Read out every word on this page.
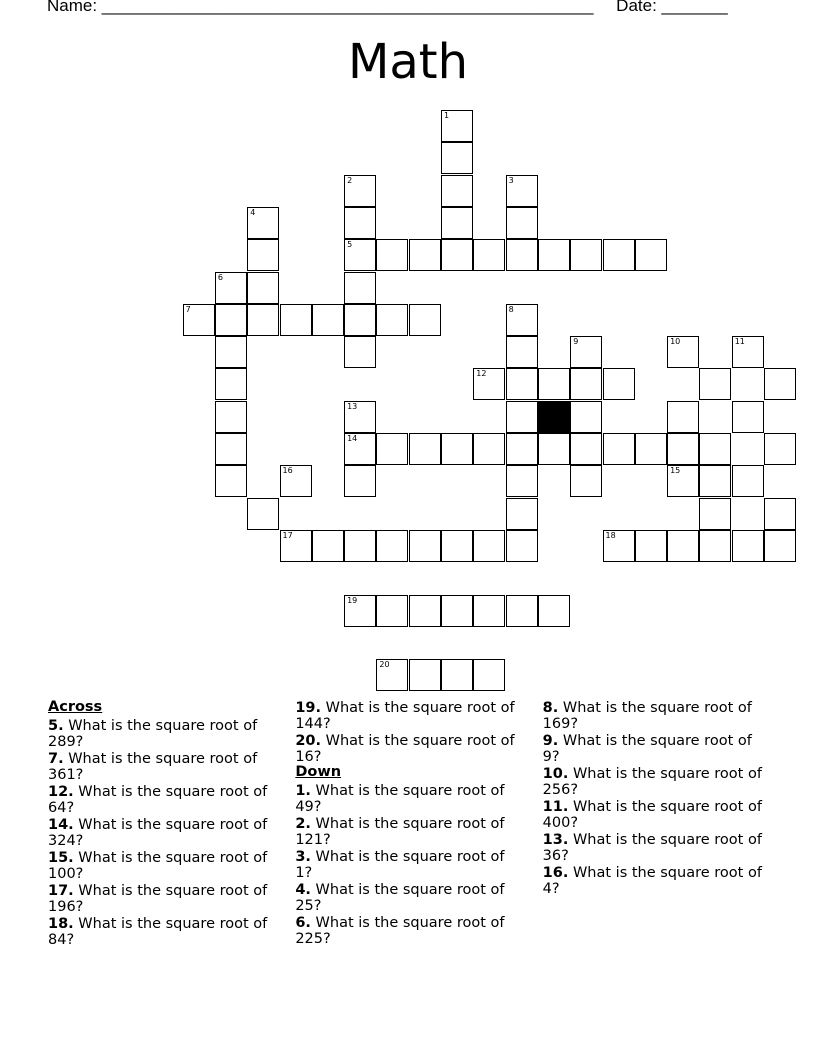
Name: ____________________________________________________ Date: _______
Math
1
2	3
4
5
6
7	8
9	10	11
12
13
14
16	15
17	18
19
20
Across
5. What is the square root of 289?
7. What is the square root of 361?
12. What is the square root of 64?
14. What is the square root of 324?
15. What is the square root of 100?
17. What is the square root of 196?
18. What is the square root of 84?
19. What is the square root of 144?
20. What is the square root of 16?
Down
1. What is the square root of 49?
2. What is the square root of 121?
3. What is the square root of 1?
4. What is the square root of 25?
6. What is the square root of 225?
8. What is the square root of 169?
9. What is the square root of 9?
10. What is the square root of 256?
11. What is the square root of 400?
13. What is the square root of 36?
16. What is the square root of 4?
